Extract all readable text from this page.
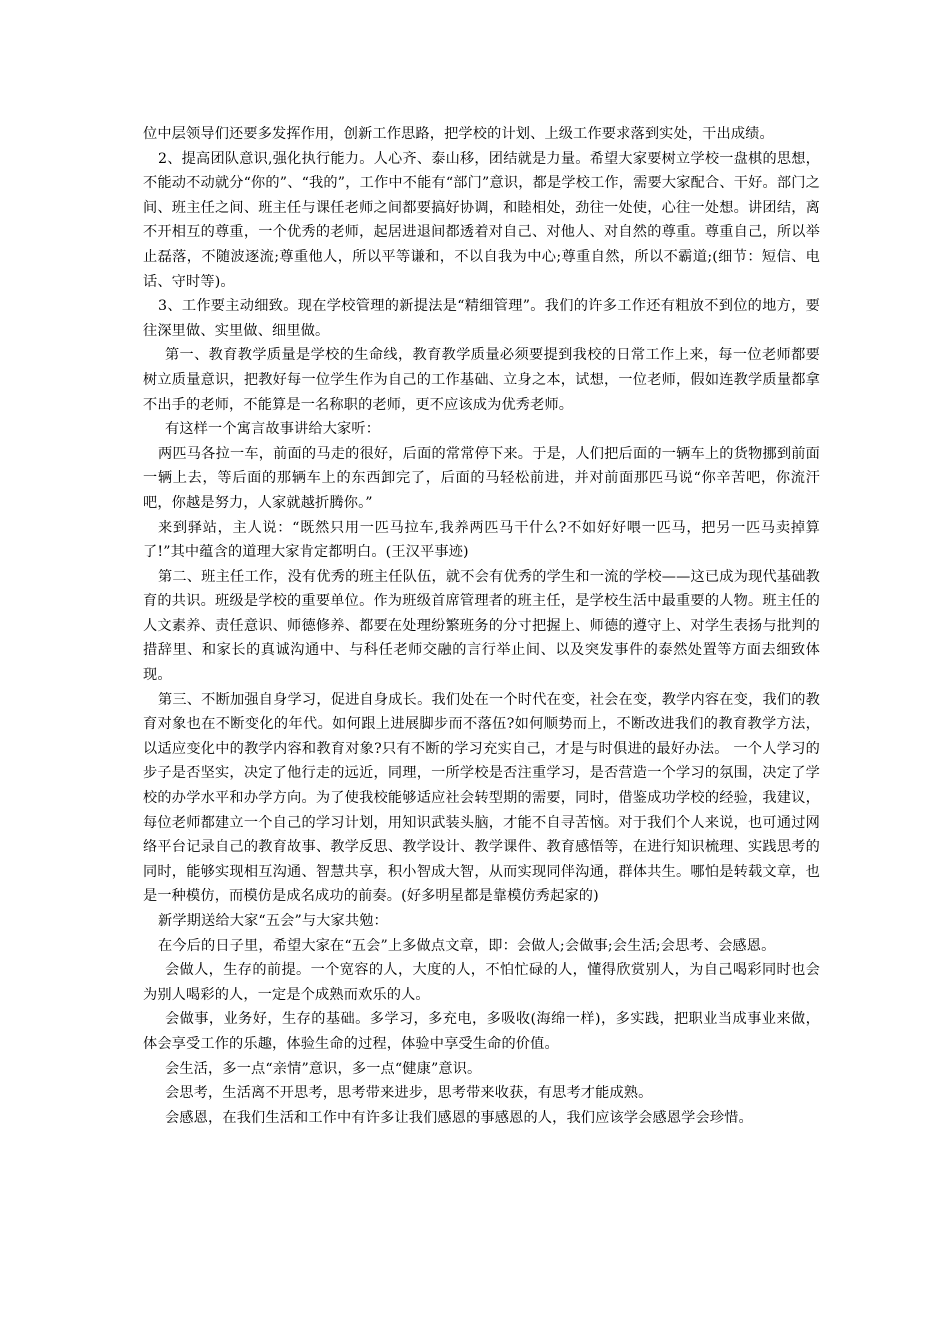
位中层领导们还要多发挥作用，创新工作思路，把学校的计划、上级工作要求落到实处，干出成绩。

2、提高团队意识,强化执行能力。人心齐、泰山移，团结就是力量。希望大家要树立学校一盘棋的思想，不能动不动就分“你的”、“我的”，工作中不能有“部门”意识，都是学校工作，需要大家配合、干好。部门之间、班主任之间、班主任与课任老师之间都要搞好协调，和睦相处，劲往一处使，心往一处想。讲团结，离不开相互的尊重，一个优秀的老师，起居进退间都透着对自己、对他人、对自然的尊重。尊重自己，所以举止磊落，不随波逐流;尊重他人，所以平等谦和，不以自我为中心;尊重自然，所以不霸道;(细节：短信、电话、守时等)。

3、工作要主动细致。现在学校管理的新提法是“精细管理”。我们的许多工作还有粗放不到位的地方，要往深里做、实里做、细里做。

第一、教育教学质量是学校的生命线，教育教学质量必须要提到我校的日常工作上来，每一位老师都要树立质量意识，把教好每一位学生作为自己的工作基础、立身之本，试想，一位老师，假如连教学质量都拿不出手的老师，不能算是一名称职的老师，更不应该成为优秀老师。

有这样一个寓言故事讲给大家听：

两匹马各拉一车，前面的马走的很好，后面的常常停下来。于是，人们把后面的一辆车上的货物挪到前面一辆上去，等后面的那辆车上的东西卸完了，后面的马轻松前进，并对前面那匹马说“你辛苦吧，你流汗吧，你越是努力，人家就越折腾你。”

来到驿站，主人说：“既然只用一匹马拉车,我养两匹马干什么?不如好好喂一匹马，把另一匹马卖掉算了!”其中蕴含的道理大家肯定都明白。(王汉平事迹)

第二、班主任工作，没有优秀的班主任队伍，就不会有优秀的学生和一流的学校——这已成为现代基础教育的共识。班级是学校的重要单位。作为班级首席管理者的班主任，是学校生活中最重要的人物。班主任的人文素养、责任意识、师德修养、都要在处理纷繁班务的分寸把握上、师德的遵守上、对学生表扬与批判的措辞里、和家长的真诚沟通中、与科任老师交融的言行举止间、以及突发事件的泰然处置等方面去细致体现。

第三、不断加强自身学习，促进自身成长。我们处在一个时代在变，社会在变，教学内容在变，我们的教育对象也在不断变化的年代。如何跟上进展脚步而不落伍?如何顺势而上，不断改进我们的教育教学方法，以适应变化中的教学内容和教育对象?只有不断的学习充实自己，才是与时俱进的最好办法。 一个人学习的步子是否坚实，决定了他行走的远近，同理，一所学校是否注重学习，是否营造一个学习的氛围，决定了学校的办学水平和办学方向。为了使我校能够适应社会转型期的需要，同时，借鉴成功学校的经验，我建议，每位老师都建立一个自己的学习计划，用知识武装头脑，才能不自寻苦恼。对于我们个人来说，也可通过网络平台记录自己的教育故事、教学反思、教学设计、教学课件、教育感悟等，在进行知识梳理、实践思考的同时，能够实现相互沟通、智慧共享，积小智成大智，从而实现同伴沟通，群体共生。哪怕是转载文章，也是一种模仿，而模仿是成名成功的前奏。(好多明星都是靠模仿秀起家的)

新学期送给大家“五会”与大家共勉：

在今后的日子里，希望大家在“五会”上多做点文章，即：会做人;会做事;会生活;会思考、会感恩。

会做人，生存的前提。一个宽容的人，大度的人，不怕忙碌的人，懂得欣赏别人，为自己喝彩同时也会为别人喝彩的人，一定是个成熟而欢乐的人。

会做事，业务好，生存的基础。多学习，多充电，多吸收(海绵一样)，多实践，把职业当成事业来做，体会享受工作的乐趣，体验生命的过程，体验中享受生命的价值。

会生活，多一点“亲情”意识，多一点“健康”意识。

会思考，生活离不开思考，思考带来进步，思考带来收获，有思考才能成熟。

会感恩，在我们生活和工作中有许多让我们感恩的事感恩的人，我们应该学会感恩学会珍惜。
